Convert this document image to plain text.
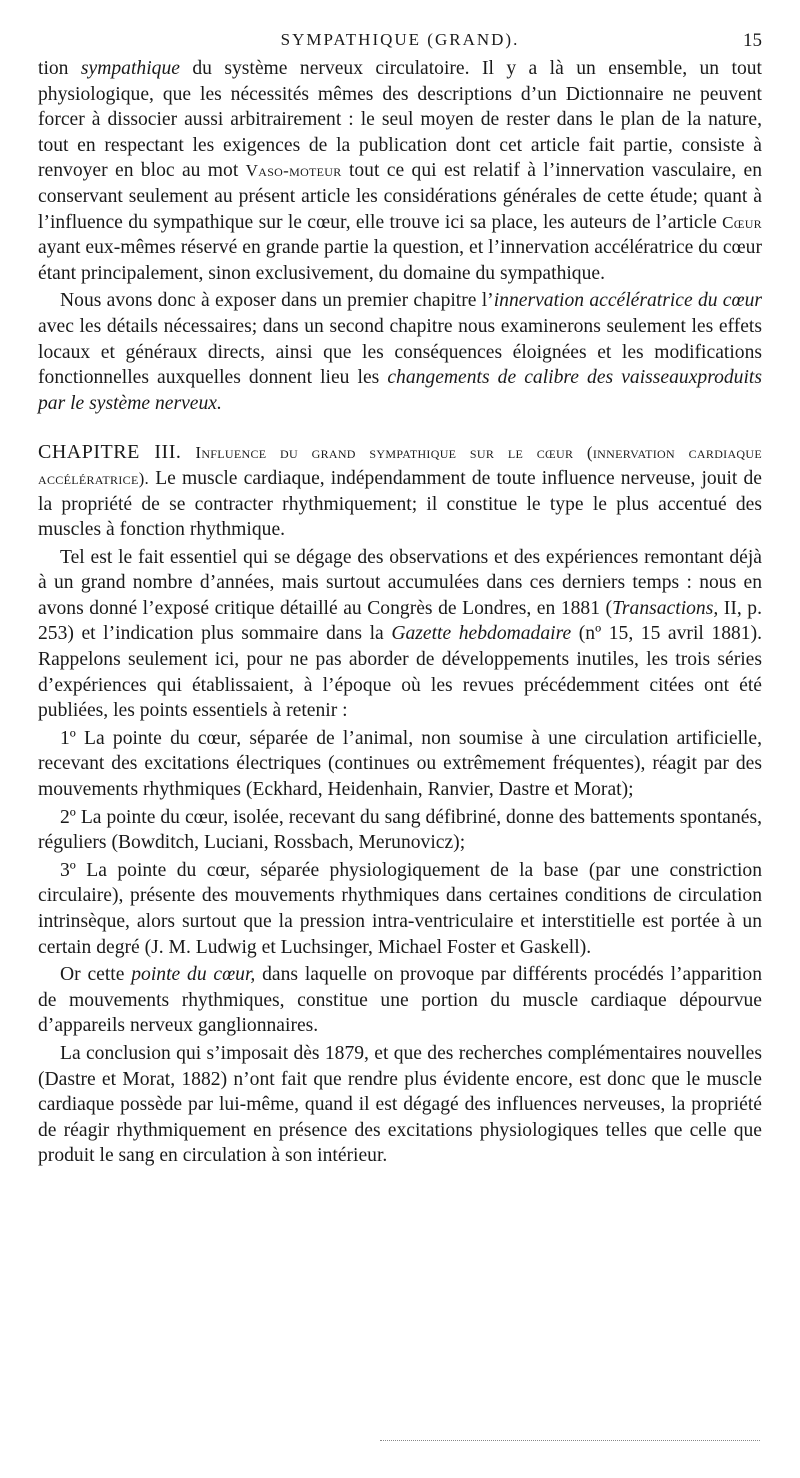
SYMPATHIQUE (GRAND).	15

tion sympathique du système nerveux circulatoire. Il y a là un ensemble, un tout physiologique, que les nécessités mêmes des descriptions d’un Dictionnaire ne peuvent forcer à dissocier aussi arbitrairement : le seul moyen de rester dans le plan de la nature, tout en respectant les exigences de la publication dont cet article fait partie, consiste à renvoyer en bloc au mot Vaso-moteur tout ce qui est relatif à l’innervation vasculaire, en conservant seulement au présent article les considérations générales de cette étude; quant à l’influence du sympathique sur le cœur, elle trouve ici sa place, les auteurs de l’article Cœur ayant eux-mêmes réservé en grande partie la question, et l’innervation accélératrice du cœur étant principalement, sinon exclusivement, du domaine du sympathique.

Nous avons donc à exposer dans un premier chapitre l’innervation accélératrice du cœur avec les détails nécessaires; dans un second chapitre nous examinerons seulement les effets locaux et généraux directs, ainsi que les conséquences éloignées et les modifications fonctionnelles auxquelles donnent lieu les changements de calibre des vaisseauxproduits par le système nerveux.

CHAPITRE III. Influence du grand sympathique sur le cœur (innervation cardiaque accélératrice). Le muscle cardiaque, indépendamment de toute influence nerveuse, jouit de la propriété de se contracter rhythmiquement; il constitue le type le plus accentué des muscles à fonction rhythmique.

Tel est le fait essentiel qui se dégage des observations et des expériences remontant déjà à un grand nombre d’années, mais surtout accumulées dans ces derniers temps : nous en avons donné l’exposé critique détaillé au Congrès de Londres, en 1881 (Transactions, II, p. 253) et l’indication plus sommaire dans la Gazette hebdomadaire (nº 15, 15 avril 1881). Rappelons seulement ici, pour ne pas aborder de développements inutiles, les trois séries d’expériences qui établissaient, à l’époque où les revues précédemment citées ont été publiées, les points essentiels à retenir :

1º La pointe du cœur, séparée de l’animal, non soumise à une circulation artificielle, recevant des excitations électriques (continues ou extrêmement fréquentes), réagit par des mouvements rhythmiques (Eckhard, Heidenhain, Ranvier, Dastre et Morat);

2º La pointe du cœur, isolée, recevant du sang défibriné, donne des battements spontanés, réguliers (Bowditch, Luciani, Rossbach, Merunovicz);

3º La pointe du cœur, séparée physiologiquement de la base (par une constriction circulaire), présente des mouvements rhythmiques dans certaines conditions de circulation intrinsèque, alors surtout que la pression intra-ventriculaire et interstitielle est portée à un certain degré (J. M. Ludwig et Luchsinger, Michael Foster et Gaskell).

Or cette pointe du cœur, dans laquelle on provoque par différents procédés l’apparition de mouvements rhythmiques, constitue une portion du muscle cardiaque dépourvue d’appareils nerveux ganglionnaires.

La conclusion qui s’imposait dès 1879, et que des recherches complémentaires nouvelles (Dastre et Morat, 1882) n’ont fait que rendre plus évidente encore, est donc que le muscle cardiaque possède par lui-même, quand il est dégagé des influences nerveuses, la propriété de réagir rhythmiquement en présence des excitations physiologiques telles que celle que produit le sang en circulation à son intérieur.
